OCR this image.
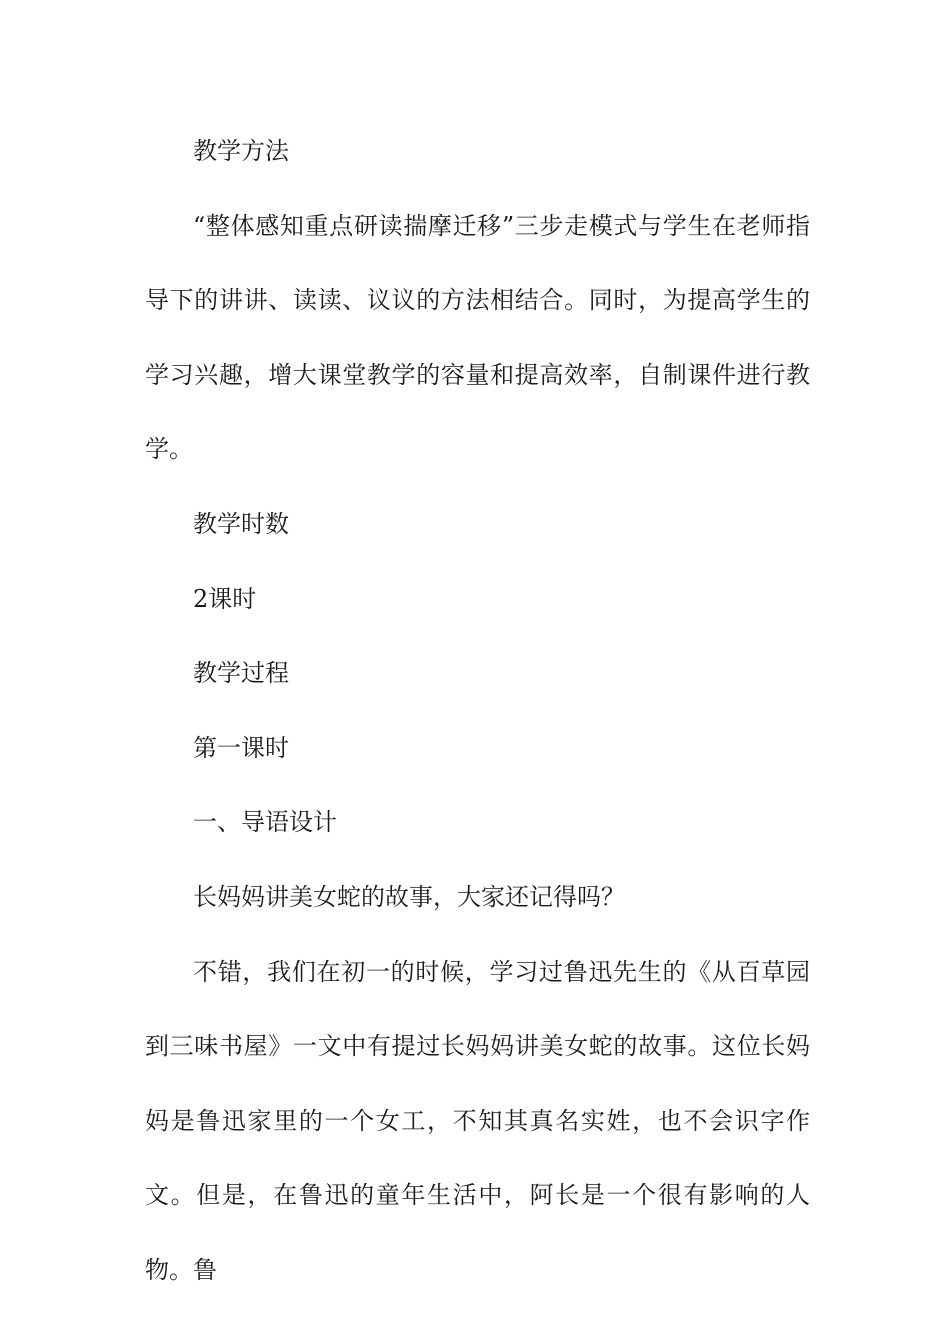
教学方法

“整体感知重点研读揣摩迁移”三步走模式与学生在老师指导下的讲讲、读读、议议的方法相结合。同时，为提高学生的学习兴趣，增大课堂教学的容量和提高效率，自制课件进行教学。

教学时数

2课时

教学过程

第一课时

一、导语设计

长妈妈讲美女蛇的故事，大家还记得吗？

不错，我们在初一的时候，学习过鲁迅先生的《从百草园到三味书屋》一文中有提过长妈妈讲美女蛇的故事。这位长妈妈是鲁迅家里的一个女工，不知其真名实姓，也不会识字作文。但是，在鲁迅的童年生活中，阿长是一个很有影响的人物。鲁
